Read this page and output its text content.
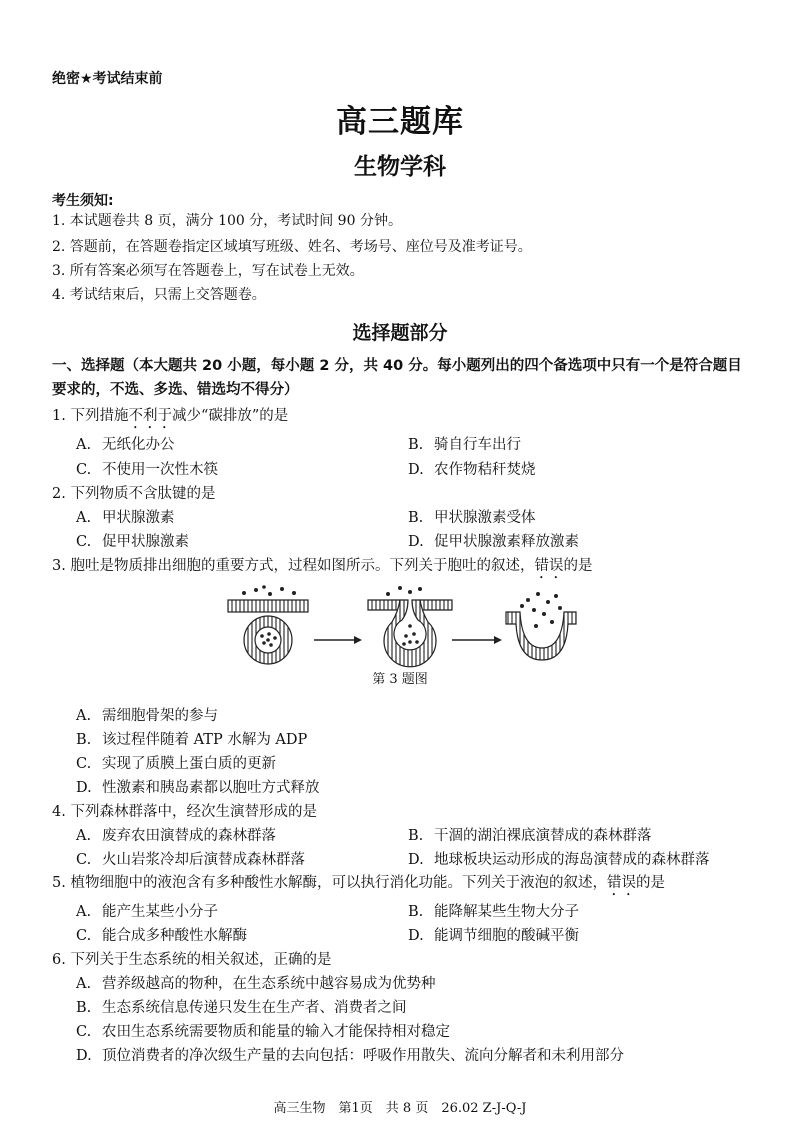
绝密★考试结束前
高三题库
生物学科
考生须知:
1. 本试题卷共 8 页，满分 100 分，考试时间 90 分钟。
2. 答题前，在答题卷指定区域填写班级、姓名、考场号、座位号及准考证号。
3. 所有答案必须写在答题卷上，写在试卷上无效。
4. 考试结束后，只需上交答题卷。
选择题部分
一、选择题（本大题共 20 小题，每小题 2 分，共 40 分。每小题列出的四个备选项中只有一个是符合题目要求的，不选、多选、错选均不得分）
1. 下列措施不利于减少“碳排放”的是
A. 无纸化办公	B. 骑自行车出行
C. 不使用一次性木筷	D. 农作物秸秆焚烧
2. 下列物质不含肽键的是
A. 甲状腺激素	B. 甲状腺激素受体
C. 促甲状腺激素	D. 促甲状腺激素释放激素
3. 胞吐是物质排出细胞的重要方式，过程如图所示。下列关于胞吐的叙述，错误的是
第 3 题图
A. 需细胞骨架的参与
B. 该过程伴随着 ATP 水解为 ADP
C. 实现了质膜上蛋白质的更新
D. 性激素和胰岛素都以胞吐方式释放
4. 下列森林群落中，经次生演替形成的是
A. 废弃农田演替成的森林群落	B. 干涸的湖泊裸底演替成的森林群落
C. 火山岩浆冷却后演替成森林群落	D. 地球板块运动形成的海岛演替成的森林群落
5. 植物细胞中的液泡含有多种酸性水解酶，可以执行消化功能。下列关于液泡的叙述，错误的是
A. 能产生某些小分子	B. 能降解某些生物大分子
C. 能合成多种酸性水解酶	D. 能调节细胞的酸碱平衡
6. 下列关于生态系统的相关叙述，正确的是
A. 营养级越高的物种，在生态系统中越容易成为优势种
B. 生态系统信息传递只发生在生产者、消费者之间
C. 农田生态系统需要物质和能量的输入才能保持相对稳定
D. 顶位消费者的净次级生产量的去向包括：呼吸作用散失、流向分解者和未利用部分
高三生物　第1页　共 8 页　26.02 Z-J-Q-J
